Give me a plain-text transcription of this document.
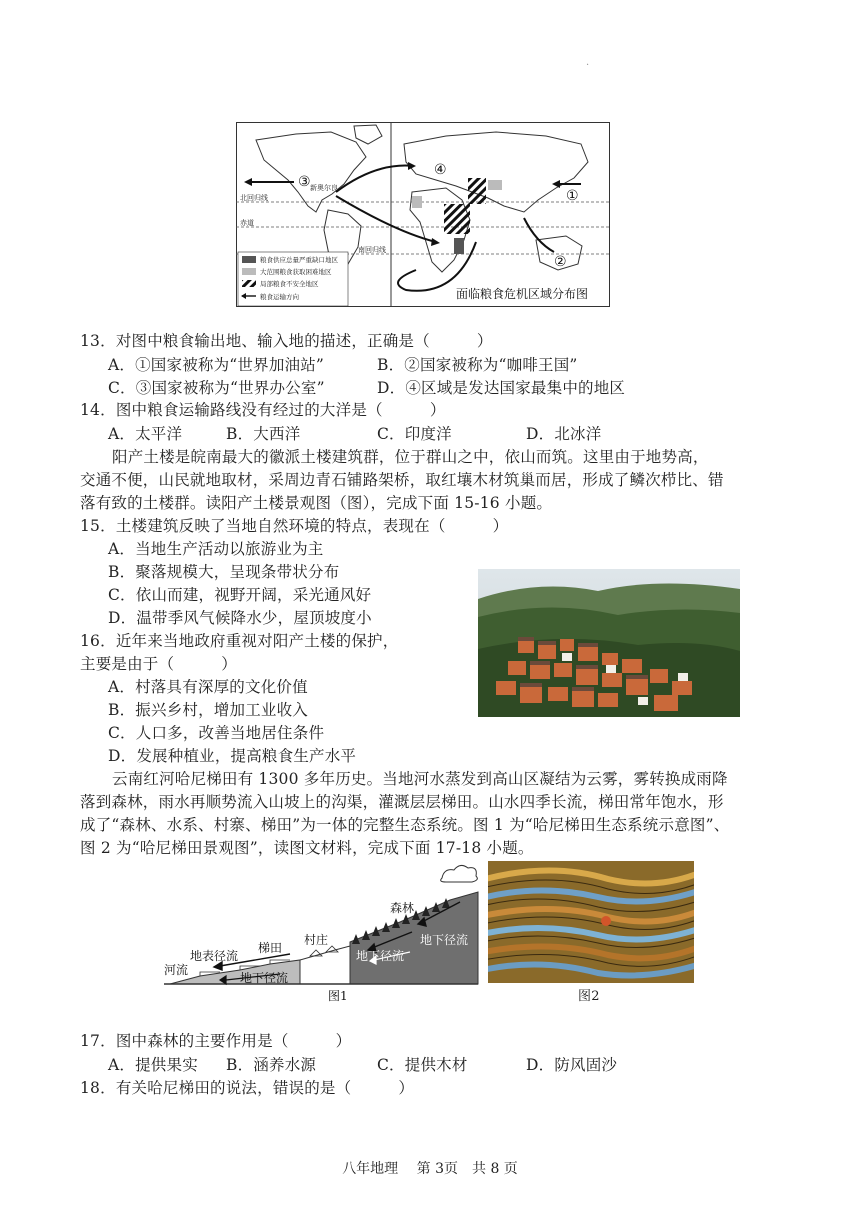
·
③
④
①
②
新奥尔良
北回归线
赤道
南回归线
粮食供应总量严重缺口地区
大范围粮食获取困难地区
局部粮食不安全地区
粮食运输方向	面临粮食危机区域分布图
13．对图中粮食输出地、输入地的描述，正确是（　　　）
A．①国家被称为“世界加油站”	B．②国家被称为“咖啡王国”
C．③国家被称为“世界办公室”	D．④区域是发达国家最集中的地区
14．图中粮食运输路线没有经过的大洋是（　　　）
A．太平洋	B．大西洋	C．印度洋	D．北冰洋
阳产土楼是皖南最大的徽派土楼建筑群，位于群山之中，依山而筑。这里由于地势高，
交通不便，山民就地取材，采周边青石铺路架桥，取红壤木材筑巢而居，形成了鳞次栉比、错
落有致的土楼群。读阳产土楼景观图（图），完成下面 15-16 小题。
15．土楼建筑反映了当地自然环境的特点，表现在（　　　）
A．当地生产活动以旅游业为主
B．聚落规模大，呈现条带状分布
C．依山而建，视野开阔，采光通风好
D．温带季风气候降水少，屋顶坡度小
16．近年来当地政府重视对阳产土楼的保护，
主要是由于（　　　）
A．村落具有深厚的文化价值
B．振兴乡村，增加工业收入
C．人口多，改善当地居住条件
D．发展种植业，提高粮食生产水平
云南红河哈尼梯田有 1300 多年历史。当地河水蒸发到高山区凝结为云雾，雾转换成雨降
落到森林，雨水再顺势流入山坡上的沟渠，灌溉层层梯田。山水四季长流，梯田常年饱水，形
成了“森林、水系、村寨、梯田”为一体的完整生态系统。图 1 为“哈尼梯田生态系统示意图”、
图 2 为“哈尼梯田景观图”，读图文材料，完成下面 17-18 小题。
森林
村庄
梯田
地表径流
河流
地下径流
地下径流
地下径流
图1	图2
17．图中森林的主要作用是（　　　）
A．提供果实 B．涵养水源	C．提供木材	D．防风固沙
18．有关哈尼梯田的说法，错误的是（　　　）
八年地理　 第 3页　共 8 页
